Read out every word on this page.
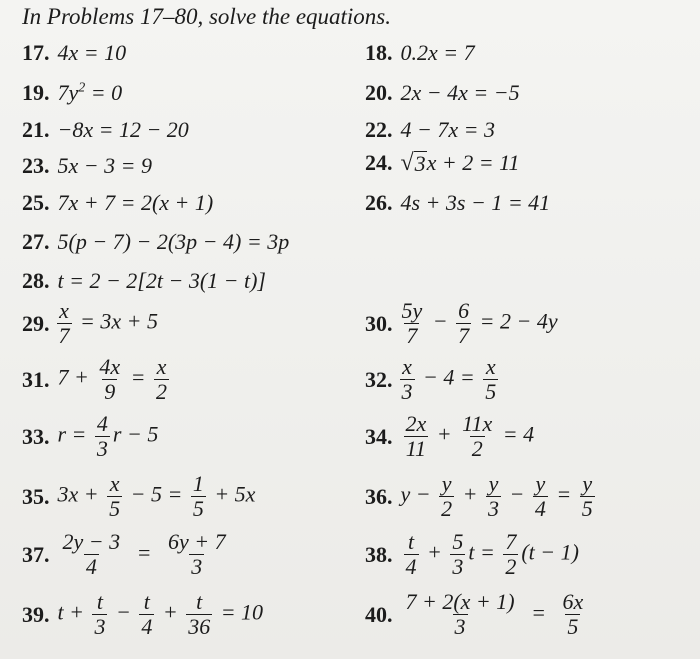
In Problems 17–80, solve the equations.
17. 4x = 10	18. 0.2x = 7
19. $7y^2 = 0$	20. 2x − 4x = −5
21. −8x = 12 − 20	22. 4 − 7x = 3
23. 5x − 3 = 9	24. √ 3 x + 2 = 11
25. 7x + 7 = 2(x + 1)	26. 4s + 3s − 1 = 41
27. 5(p − 7) − 2(3p − 4) = 3p
28. t = 2 − 2[2t − 3(1 − t)]
29. $\frac{x}{7} = 3x + 5$	30. $\frac{5y}{7} - \frac{6}{7} = 2 - 4y$
31. $7 + \frac{4x}{9} = \frac{x}{2}$	32. $\frac{x}{3} - 4 = \frac{x}{5}$
33. $r = \frac{4}{3}$ r − 5	34. $\frac{2x}{11} + \frac{11x}{2} = 4$
35. $3x + \frac{x}{5} - 5 = \frac{1}{5} + 5x$	36. $y - \frac{y}{2} + \frac{y}{3} - \frac{y}{4} = \frac{y}{5}$
37. $\frac{2y - 3}{4} = \frac{6y + 7}{3}$	38. $\frac{t}{4} + \frac{5}{3}$ $t = \frac{7}{2} (t - 1)$
39. $t + \frac{t}{3} - \frac{t}{4} + \frac{t}{36} = 10$	40. $\frac{7 + 2(x + 1)}{3} = \frac{6x}{5}$
